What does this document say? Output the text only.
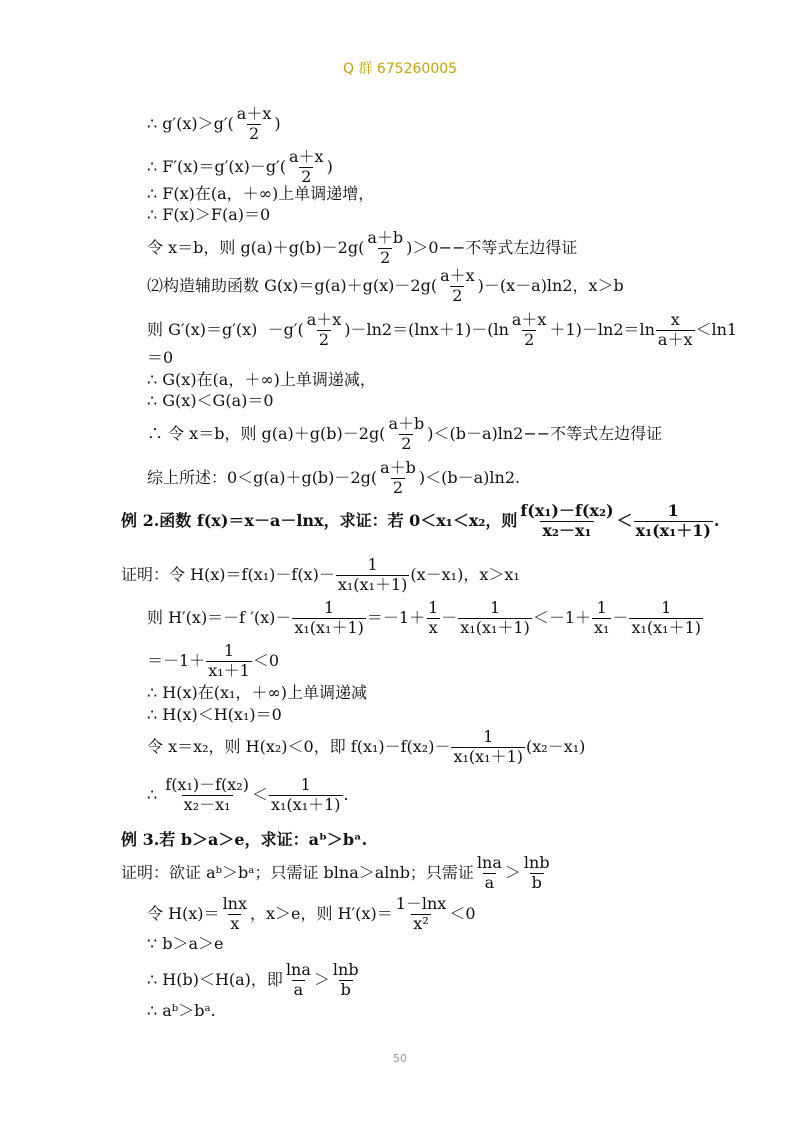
Q 群 675260005
∴ $g'(x)>g'( \frac{a+x}{2}$ )
∴ $F'(x)=g'(x)-g'( \frac{a+x}{2}$ )
∴ F(x)在(a，＋∞)上单调递增，
∴ F(x)＞F(a)＝0
令 x＝b，则 $g(a)+g(b)-2g( \frac{a+b}{2} )>0--$不等式左边得证
⑵构造辅助函数 $G(x)=g(a)+g(x)-2g( \frac{a+x}{2} )-(x-a)\ln 2$，x＞b
则 $G'(x)=g'(x) -g'( \frac{a+x}{2} )-\ln 2=(\ln x+1)-(\ln \frac{a+x}{2} +1)-\ln 2=\ln \frac{x}{a+x} <\ln 1$
＝0
∴ G(x)在(a，＋∞)上单调递减，
∴ G(x)＜G(a)＝0
∴ 令 x＝b，则 $g(a)+g(b)-2g( \frac{a+b}{2} )<(b-a)\ln 2--$不等式左边得证
综上所述：$0<g(a)+g(b)-2g( \frac{a+b}{2} )<(b-a)\ln 2$.
例 2.函数 f(x)＝x－a－lnx，求证：若 0＜x₁＜x₂，则 $\frac{\text{f(x₁)－f(x₂)}}{\text{x₂－x₁}} < \frac{1}{\text{x₁(x₁＋1)}}$ .
证明：令 $H(x)=f(x_1)-f(x)- \frac{1}{\text{x₁(x₁＋1)}} (x-x_1)$，x＞x₁
则 H′(x)＝－f $'(x)- \frac{1}{\text{x₁(x₁＋1)}} =-1+ \frac{1}{x} - \frac{1}{\text{x₁(x₁＋1)}} <-1+ \frac{1}{\text{x₁}} - \frac{1}{\text{x₁(x₁＋1)}}$
$=-1+ \frac{1}{\text{x₁＋1}} <0$
∴ H(x)在(x₁，＋∞)上单调递减
∴ H(x)＜H(x₁)＝0
令 x＝x₂，则 H(x₂)＜0，即 $f(x_1)-f(x_2)- \frac{1}{\text{x₁(x₁＋1)}} (x_2-x_1)$
∴ $\frac{\text{f(x₁)－f(x₂)}}{\text{x₂－x₁}} < \frac{1}{\text{x₁(x₁＋1)}}$ .
例 3.若 b＞a＞e，求证：aᵇ＞bᵃ.
证明：欲证 aᵇ＞bᵃ；只需证 blna＞alnb；只需证 $\frac{\ln a}{a} > \frac{\ln b}{b}$
令 $H(x)= \frac{\ln x}{x}$ ，x＞e，则 $H'(x)= \frac{1-\ln x}{\text{x²}} <0$
∵ b＞a＞e
∴ H(b)＜H(a)，即 $\frac{\ln a}{a} > \frac{\ln b}{b}$
∴ aᵇ＞bᵃ.
50
